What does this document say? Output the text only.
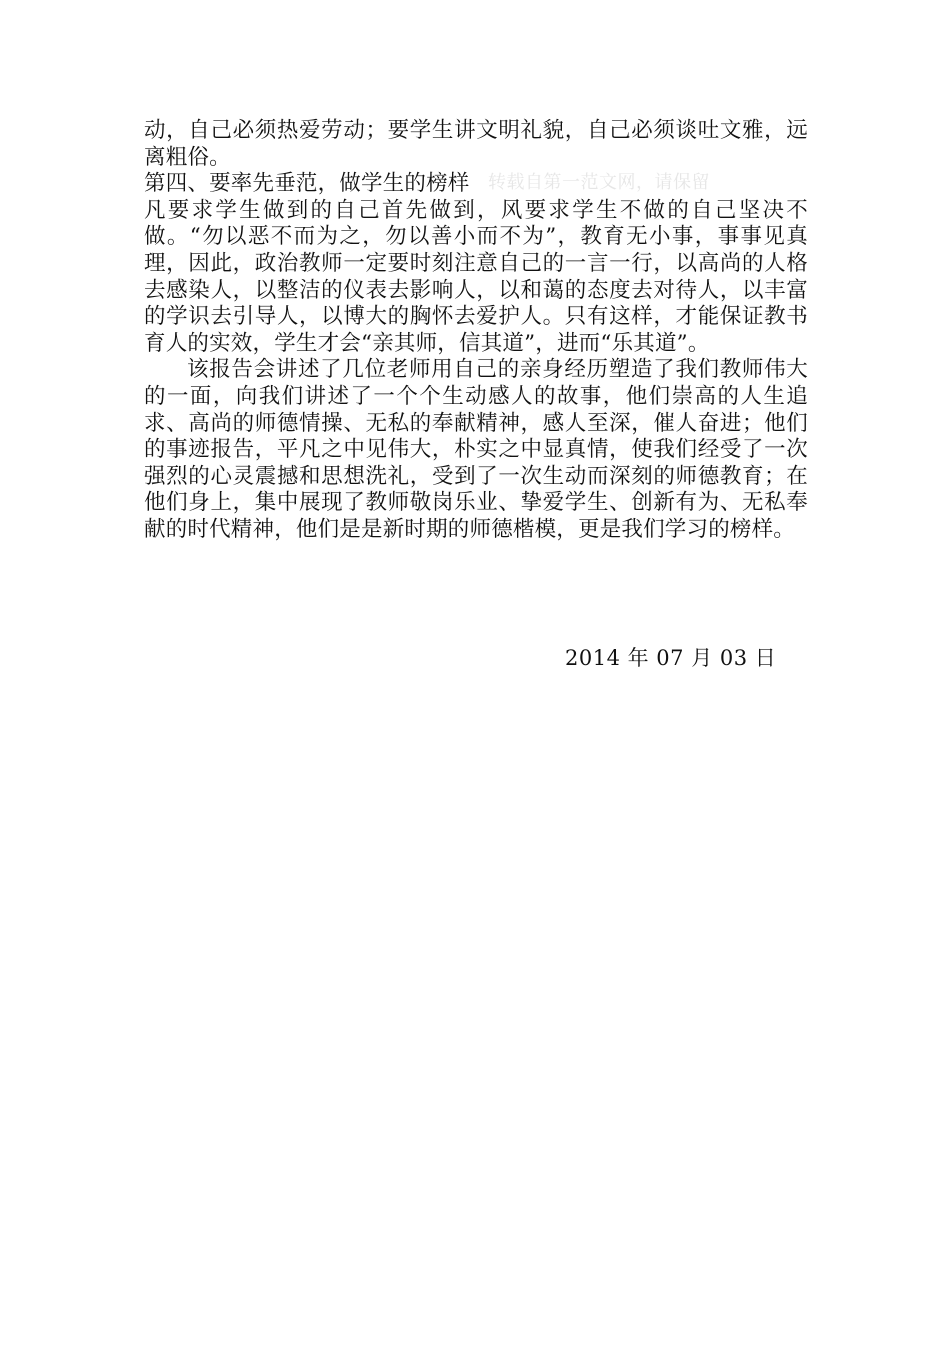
动，自己必须热爱劳动；要学生讲文明礼貌，自己必须谈吐文雅，远离粗俗。

第四、要率先垂范，做学生的榜样

凡要求学生做到的自己首先做到，风要求学生不做的自己坚决不做。“勿以恶不而为之，勿以善小而不为”，教育无小事，事事见真理，因此，政治教师一定要时刻注意自己的一言一行，以高尚的人格去感染人，以整洁的仪表去影响人，以和蔼的态度去对待人，以丰富的学识去引导人，以博大的胸怀去爱护人。只有这样，才能保证教书育人的实效，学生才会“亲其师，信其道”，进而“乐其道”。

该报告会讲述了几位老师用自己的亲身经历塑造了我们教师伟大的一面，向我们讲述了一个个生动感人的故事，他们崇高的人生追求、高尚的师德情操、无私的奉献精神，感人至深，催人奋进；他们的事迹报告，平凡之中见伟大，朴实之中显真情，使我们经受了一次强烈的心灵震撼和思想洗礼，受到了一次生动而深刻的师德教育；在他们身上，集中展现了教师敬岗乐业、挚爱学生、创新有为、无私奉献的时代精神，他们是是新时期的师德楷模，更是我们学习的榜样。

转载自第一范文网，请保留
2014 年 07 月 03 日
